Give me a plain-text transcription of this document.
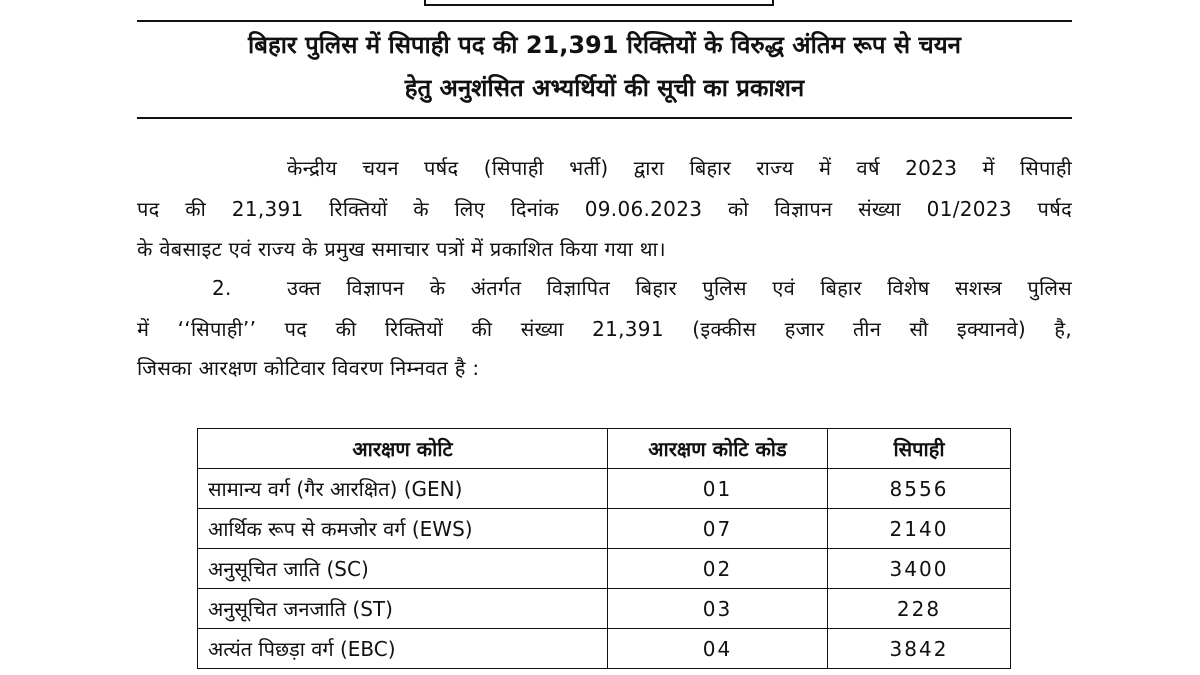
बिहार पुलिस में सिपाही पद की 21,391 रिक्तियों के विरुद्ध अंतिम रूप से चयन
हेतु अनुशंसित अभ्यर्थियों की सूची का प्रकाशन
केन्द्रीय चयन पर्षद (सिपाही भर्ती) द्वारा बिहार राज्य में वर्ष 2023 में सिपाही
पद की 21,391 रिक्तियों के लिए दिनांक 09.06.2023 को विज्ञापन संख्या 01/2023 पर्षद
के वेबसाइट एवं राज्य के प्रमुख समाचार पत्रों में प्रकाशित किया गया था।
2.	उक्त विज्ञापन के अंतर्गत विज्ञापित बिहार पुलिस एवं बिहार विशेष सशस्त्र पुलिस
में ‘‘सिपाही’’ पद की रिक्तियों की संख्या 21,391 (इक्कीस हजार तीन सौ इक्यानवे) है,
जिसका आरक्षण कोटिवार विवरण निम्नवत है :
आरक्षण कोटि	आरक्षण कोटि कोड	सिपाही
सामान्य वर्ग (गैर आरक्षित) (GEN)	01	8556
आर्थिक रूप से कमजोर वर्ग (EWS)	07	2140
अनुसूचित जाति (SC)	02	3400
अनुसूचित जनजाति (ST)	03	228
अत्यंत पिछड़ा वर्ग (EBC)	04	3842
